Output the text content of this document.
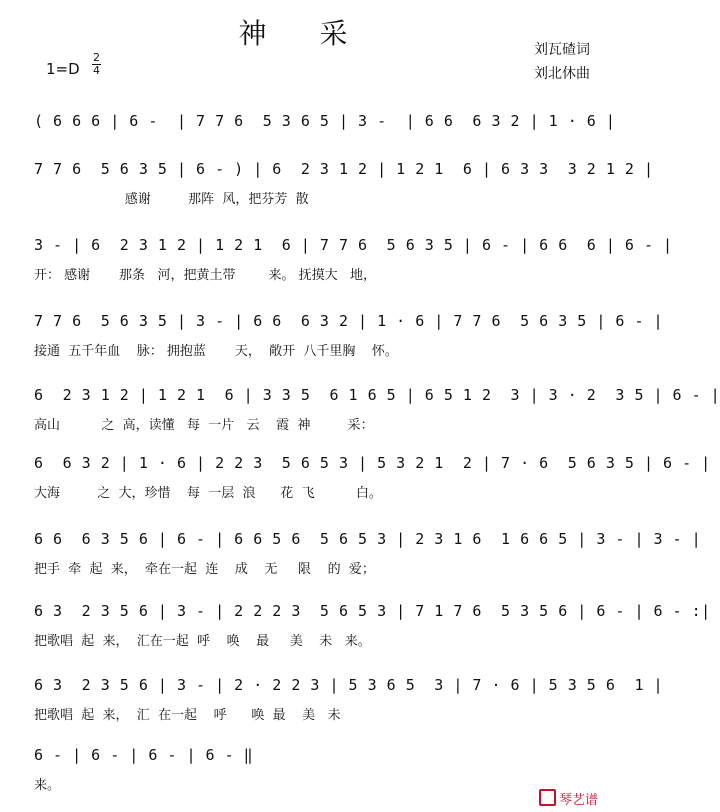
神 采
1=D
2
4
刘瓦碴词
刘北休曲
( 6 6 6 | 6 -  | 7 7 6  5 3 6 5 | 3 -  | 6 6  6 3 2 | 1 · 6 |
7 7 6  5 6 3 5 | 6 - ) | 6  2 3 1 2 | 1 2 1  6 | 6 3 3  3 2 1 2 |
感谢         那阵  风，把芬芳  散
3 - | 6  2 3 1 2 | 1 2 1  6 | 7 7 6  5 6 3 5 | 6 - | 6 6  6 | 6 - |
开： 感谢       那条   河，把黄土带        来。 抚摸大   地，
7 7 6  5 6 3 5 | 3 - | 6 6  6 3 2 | 1 · 6 | 7 7 6  5 6 3 5 | 6 - |
接通  五千年血    脉： 拥抱蓝       天，  敞开  八千里胸    怀。
6  2 3 1 2 | 1 2 1  6 | 3 3 5  6 1 6 5 | 6 5 1 2  3 | 3 · 2  3 5 | 6 - |
高山          之  高，读懂   每  一片   云    霞  神         采：
6  6 3 2 | 1 · 6 | 2 2 3  5 6 5 3 | 5 3 2 1  2 | 7 · 6  5 6 3 5 | 6 - |
大海         之  大，珍惜    每  一层  浪      花  飞          白。
6 6  6 3 5 6 | 6 - | 6 6 5 6  5 6 5 3 | 2 3 1 6  1 6 6 5 | 3 - | 3 - |
把手  牵  起  来，  牵在一起  连    成    无     限    的  爱；
6 3  2 3 5 6 | 3 - | 2 2 2 3  5 6 5 3 | 7 1 7 6  5 3 5 6 | 6 - | 6 - :|
把歌唱  起  来，  汇在一起  呼    唤    最     美    未   来。
6 3  2 3 5 6 | 3 - | 2 · 2 2 3 | 5 3 6 5  3 | 7 · 6 | 5 3 5 6  1 |
把歌唱  起  来，  汇  在一起    呼      唤  最    美   未
6 - | 6 - | 6 - | 6 - ‖
来。
琴艺谱
